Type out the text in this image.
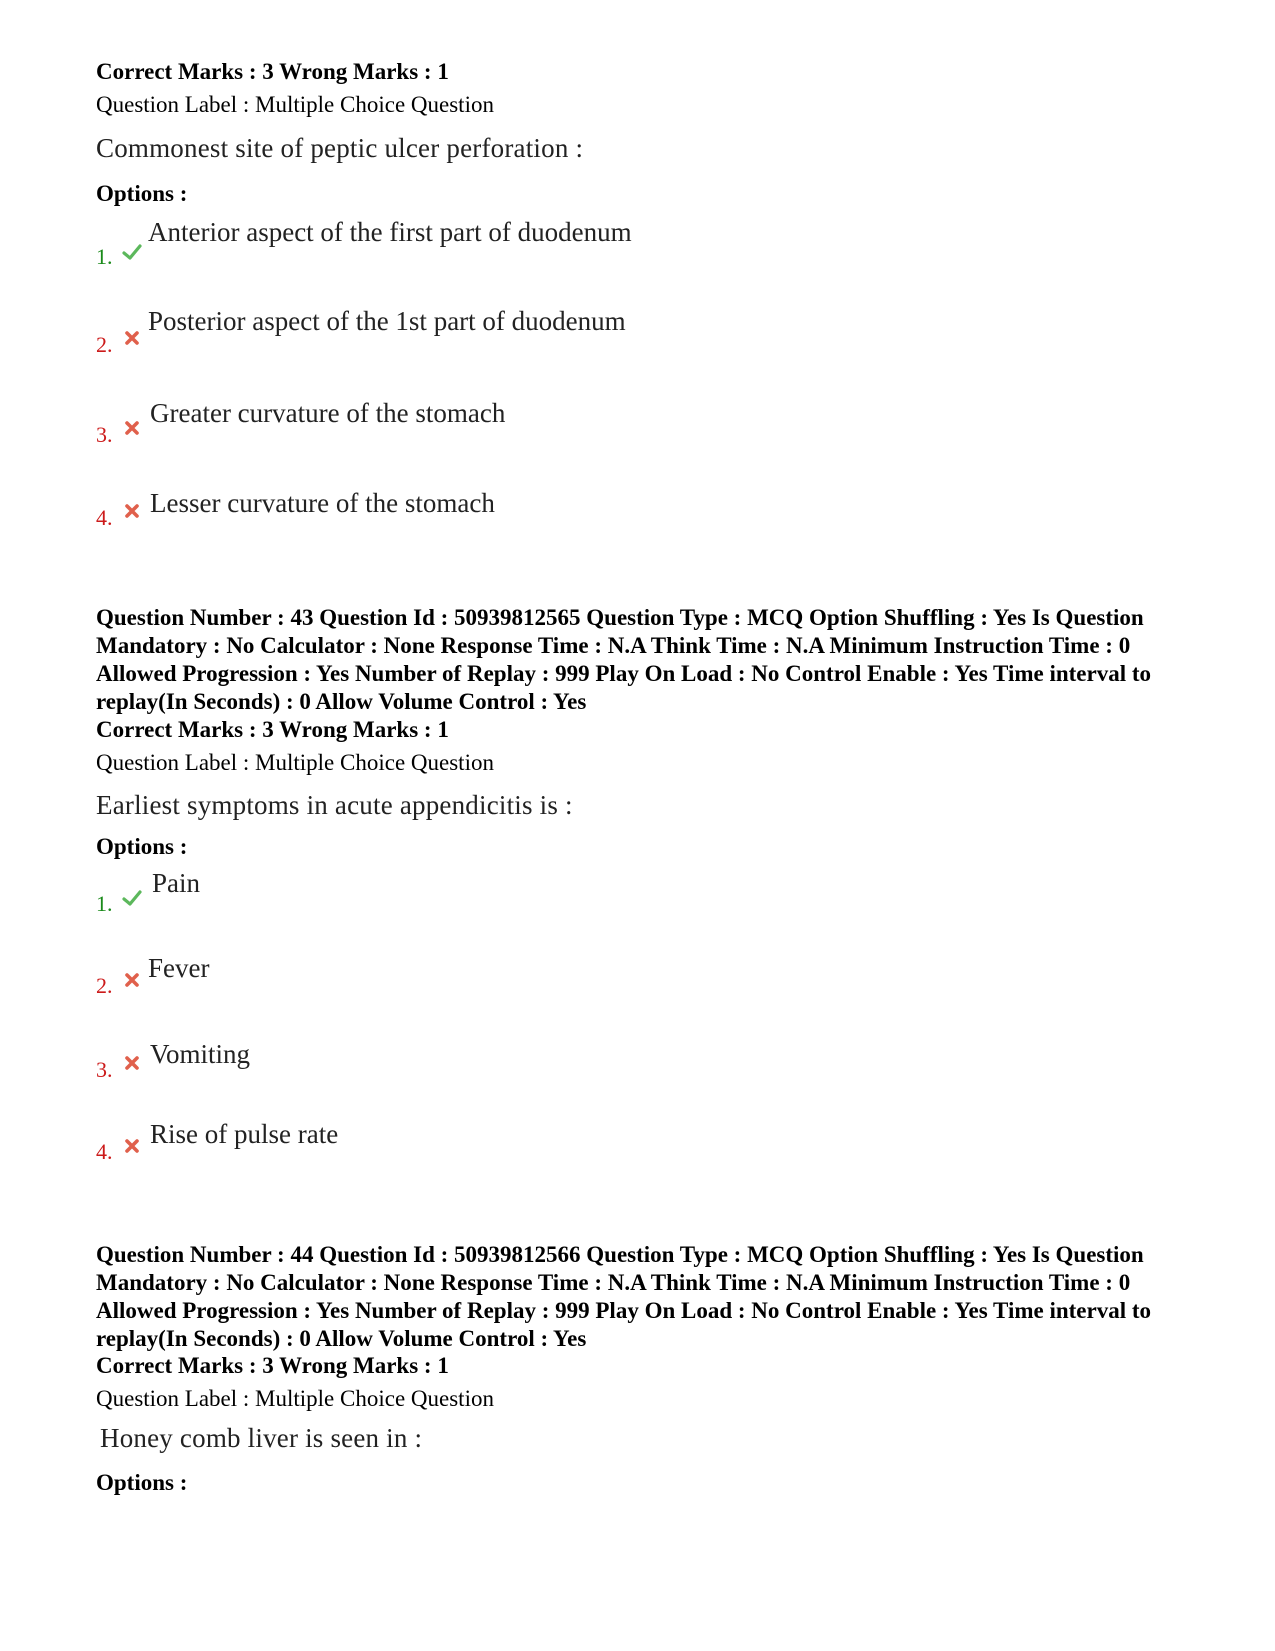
Correct Marks : 3 Wrong Marks : 1
Question Label : Multiple Choice Question
Commonest site of peptic ulcer perforation :
Options :
1.
Anterior aspect of the first part of duodenum
2.
Posterior aspect of the 1st part of duodenum
3.
Greater curvature of the stomach
4. Lesser curvature of the stomach
Question Number : 43 Question Id : 50939812565 Question Type : MCQ Option Shuffling : Yes Is Question Mandatory : No Calculator : None Response Time : N.A Think Time : N.A Minimum Instruction Time : 0 Allowed Progression : Yes Number of Replay : 999 Play On Load : No Control Enable : Yes Time interval to replay(In Seconds) : 0 Allow Volume Control : Yes
Correct Marks : 3 Wrong Marks : 1
Question Label : Multiple Choice Question
Earliest symptoms in acute appendicitis is :
Options :
1.
Pain
2.
Fever
3.
Vomiting
4.
Rise of pulse rate
Question Number : 44 Question Id : 50939812566 Question Type : MCQ Option Shuffling : Yes Is Question Mandatory : No Calculator : None Response Time : N.A Think Time : N.A Minimum Instruction Time : 0 Allowed Progression : Yes Number of Replay : 999 Play On Load : No Control Enable : Yes Time interval to replay(In Seconds) : 0 Allow Volume Control : Yes
Correct Marks : 3 Wrong Marks : 1
Question Label : Multiple Choice Question
Honey comb liver is seen in :
Options :
